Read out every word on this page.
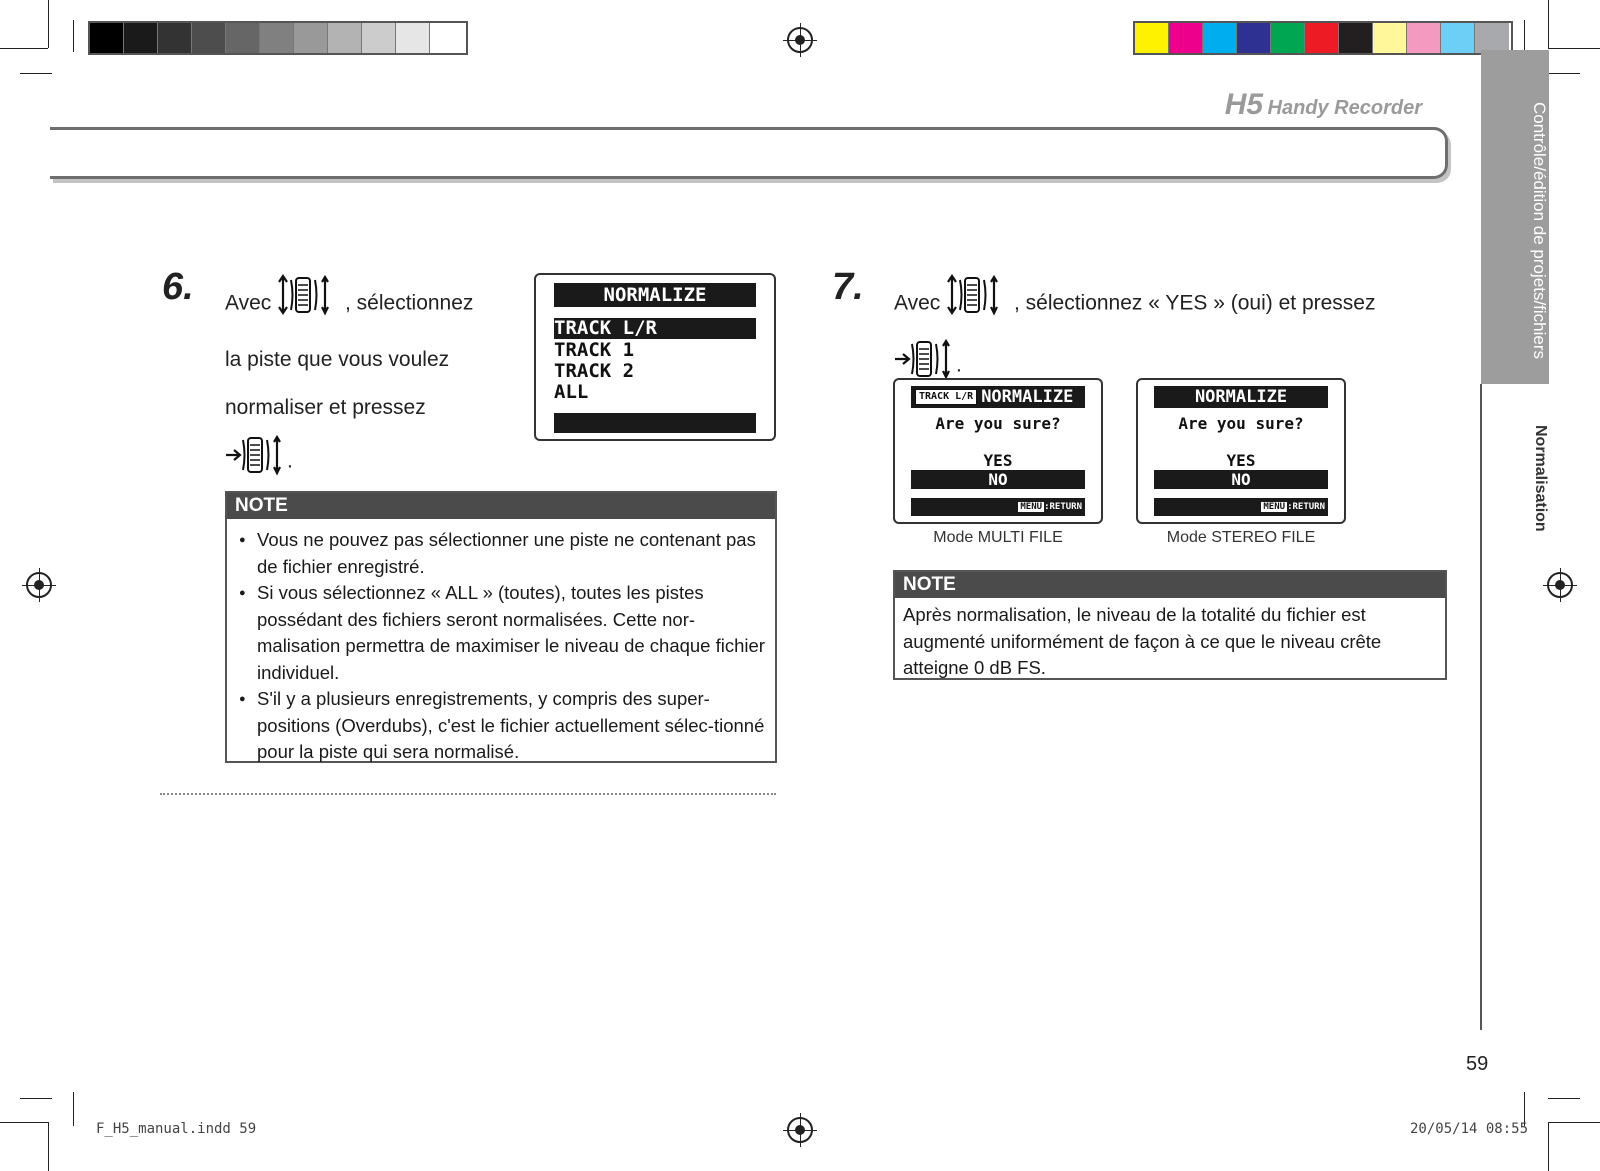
H5 Handy Recorder	Contrôle/édition de projets/fichiers
Normalisation
6. Avec	, sélectionnez
la piste que vous voulez
normaliser et pressez
.
NORMALIZE
TRACK L/R
TRACK 1
TRACK 2
ALL
NOTE
● Vous ne pouvez pas sélectionner une piste ne contenant pas de fichier enregistré.
● Si vous sélectionnez « ALL » (toutes), toutes les pistes possédant des fichiers seront normalisées. Cette nor-malisation permettra de maximiser le niveau de chaque fichier individuel.
● S'il y a plusieurs enregistrements, y compris des super-positions (Overdubs), c'est le fichier actuellement sélec-tionné pour la piste qui sera normalisé.
7. Avec	, sélectionnez « YES » (oui) et pressez
.
TRACK L/R NORMALIZE
Are you sure?
YES
NO
MENU :RETURN
Mode MULTI FILE
NORMALIZE
Are you sure?
YES
NO
MENU :RETURN
Mode STEREO FILE
NOTE

Après normalisation, le niveau de la totalité du fichier est augmenté uniformément de façon à ce que le niveau crête atteigne 0 dB FS.

59
F_H5_manual.indd 59	20/05/14 08:55
